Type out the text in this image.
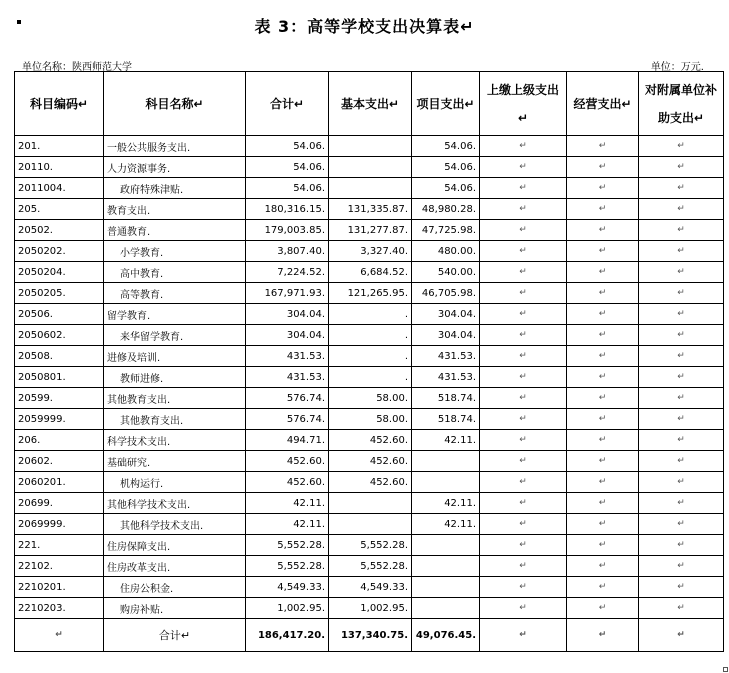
表 3：高等学校支出决算表↵
单位名称：陕西师范大学	单位：万元.
科目编码↵	科目名称↵	合计↵	基本支出↵	项目支出↵	上缴上级支出↵	经营支出↵	对附属单位补助支出↵
201.	一般公共服务支出.	54.06.		54.06.	↵	↵	↵
20110.	人力资源事务.	54.06.		54.06.	↵	↵	↵
2011004.	政府特殊津贴.	54.06.		54.06.	↵	↵	↵
205.	教育支出.	180,316.15.	131,335.87.	48,980.28.	↵	↵	↵
20502.	普通教育.	179,003.85.	131,277.87.	47,725.98.	↵	↵	↵
2050202.	小学教育.	3,807.40.	3,327.40.	480.00.	↵	↵	↵
2050204.	高中教育.	7,224.52.	6,684.52.	540.00.	↵	↵	↵
2050205.	高等教育.	167,971.93.	121,265.95.	46,705.98.	↵	↵	↵
20506.	留学教育.	304.04.	.	304.04.	↵	↵	↵
2050602.	来华留学教育.	304.04.	.	304.04.	↵	↵	↵
20508.	进修及培训.	431.53.	.	431.53.	↵	↵	↵
2050801.	教师进修.	431.53.	.	431.53.	↵	↵	↵
20599.	其他教育支出.	576.74.	58.00.	518.74.	↵	↵	↵
2059999.	其他教育支出.	576.74.	58.00.	518.74.	↵	↵	↵
206.	科学技术支出.	494.71.	452.60.	42.11.	↵	↵	↵
20602.	基础研究.	452.60.	452.60.		↵	↵	↵
2060201.	机构运行.	452.60.	452.60.		↵	↵	↵
20699.	其他科学技术支出.	42.11.		42.11.	↵	↵	↵
2069999.	其他科学技术支出.	42.11.		42.11.	↵	↵	↵
221.	住房保障支出.	5,552.28.	5,552.28.		↵	↵	↵
22102.	住房改革支出.	5,552.28.	5,552.28.		↵	↵	↵
2210201.	住房公积金.	4,549.33.	4,549.33.		↵	↵	↵
2210203.	购房补贴.	1,002.95.	1,002.95.		↵	↵	↵
↵	合计↵	186,417.20.	137,340.75.	49,076.45.	↵	↵	↵
